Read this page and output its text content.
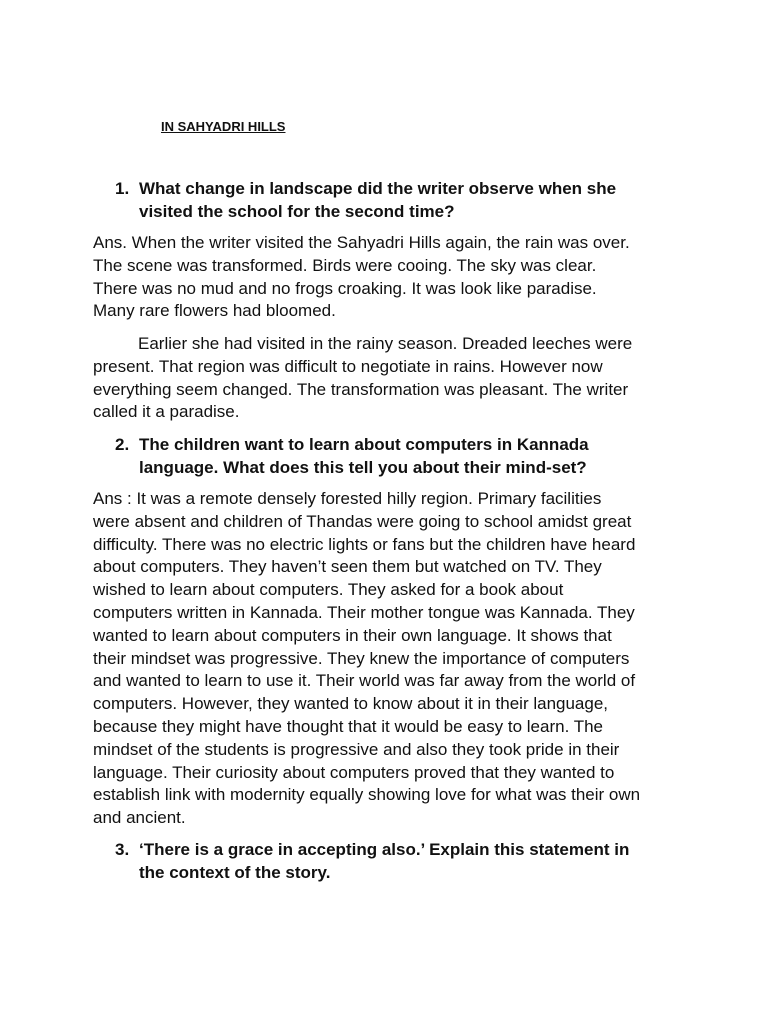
IN SAHYADRI HILLS
1. What change in landscape did the writer observe when she
visited the school for the second time?
Ans. When the writer visited the Sahyadri Hills again, the rain was over.
The scene was transformed. Birds were cooing. The sky was clear.
There was no mud and no frogs croaking. It was look like paradise.
Many rare flowers had bloomed.
Earlier she had visited in the rainy season. Dreaded leeches were
present. That region was difficult to negotiate in rains. However now
everything seem changed. The transformation was pleasant. The writer
called it a paradise.
2. The children want to learn about computers in Kannada
language. What does this tell you about their mind-set?
Ans : It was a remote densely forested hilly region. Primary facilities
were absent and children of Thandas were going to school amidst great
difficulty. There was no electric lights or fans but the children have heard
about computers. They haven’t seen them but watched on TV. They
wished to learn about computers. They asked for a book about
computers written in Kannada. Their mother tongue was Kannada. They
wanted to learn about computers in their own language. It shows that
their mindset was progressive. They knew the importance of computers
and wanted to learn to use it. Their world was far away from the world of
computers. However, they wanted to know about it in their language,
because they might have thought that it would be easy to learn. The
mindset of the students is progressive and also they took pride in their
language. Their curiosity about computers proved that they wanted to
establish link with modernity equally showing love for what was their own
and ancient.
3. ‘There is a grace in accepting also.’ Explain this statement in
the context of the story.
